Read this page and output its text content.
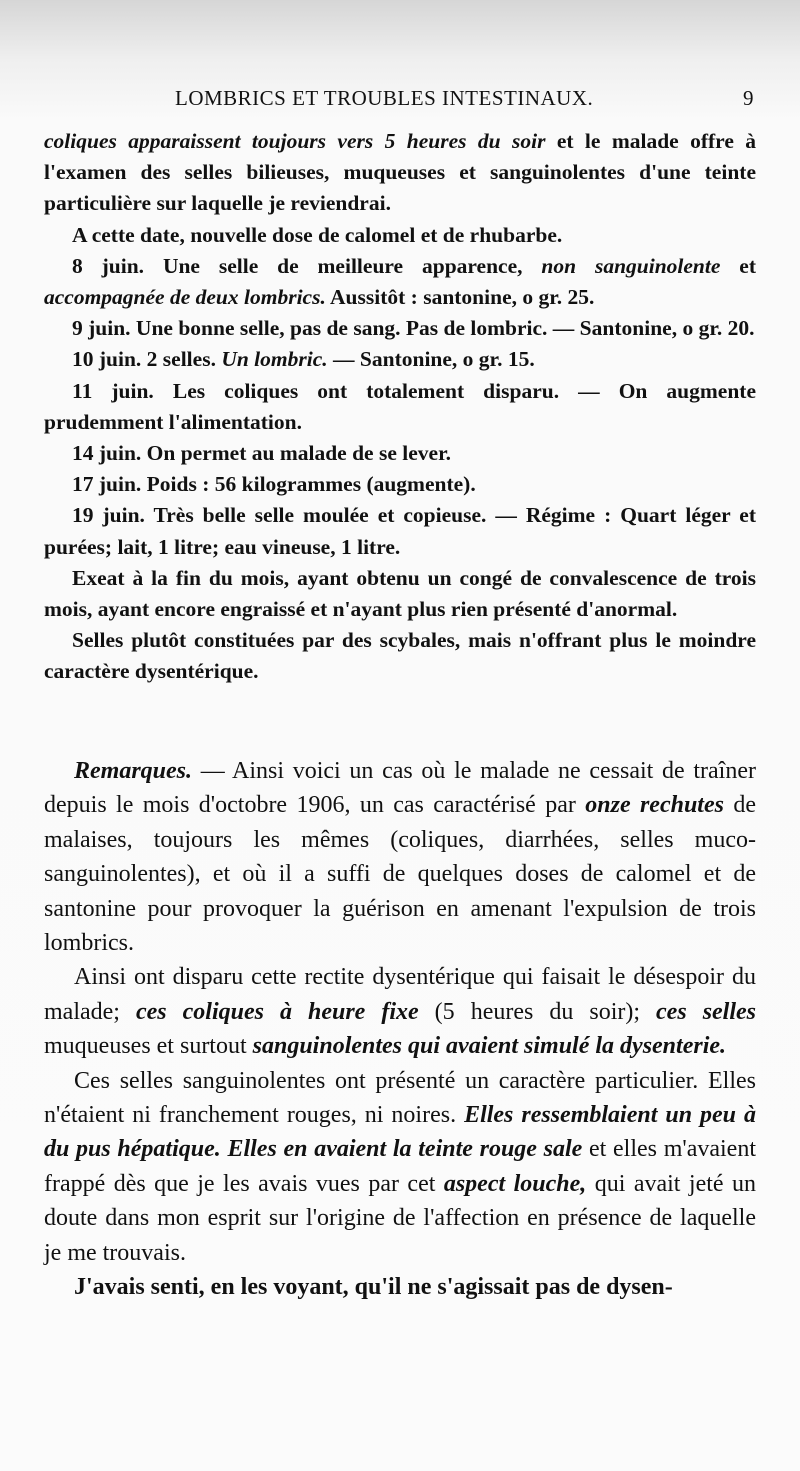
LOMBRICS ET TROUBLES INTESTINAUX.	9

coliques apparaissent toujours vers 5 heures du soir et le malade offre à l'examen des selles bilieuses, muqueuses et sanguinolentes d'une teinte particulière sur laquelle je reviendrai.

A cette date, nouvelle dose de calomel et de rhubarbe.

8 juin. Une selle de meilleure apparence, non sanguinolente et accompagnée de deux lombrics. Aussitôt : santonine, o gr. 25.

9 juin. Une bonne selle, pas de sang. Pas de lombric. — Santonine, o gr. 20.

10 juin. 2 selles. Un lombric. — Santonine, o gr. 15.

11 juin. Les coliques ont totalement disparu. — On augmente prudemment l'alimentation.

14 juin. On permet au malade de se lever.

17 juin. Poids : 56 kilogrammes (augmente).

19 juin. Très belle selle moulée et copieuse. — Régime : Quart léger et purées; lait, 1 litre; eau vineuse, 1 litre.

Exeat à la fin du mois, ayant obtenu un congé de convalescence de trois mois, ayant encore engraissé et n'ayant plus rien présenté d'anormal.

Selles plutôt constituées par des scybales, mais n'offrant plus le moindre caractère dysentérique.

Remarques. — Ainsi voici un cas où le malade ne cessait de traîner depuis le mois d'octobre 1906, un cas caractérisé par onze rechutes de malaises, toujours les mêmes (coliques, diarrhées, selles muco-sanguinolentes), et où il a suffi de quelques doses de calomel et de santonine pour provoquer la guérison en amenant l'expulsion de trois lombrics.

Ainsi ont disparu cette rectite dysentérique qui faisait le désespoir du malade; ces coliques à heure fixe (5 heures du soir); ces selles muqueuses et surtout sanguinolentes qui avaient simulé la dysenterie.

Ces selles sanguinolentes ont présenté un caractère particulier. Elles n'étaient ni franchement rouges, ni noires. Elles ressemblaient un peu à du pus hépatique. Elles en avaient la teinte rouge sale et elles m'avaient frappé dès que je les avais vues par cet aspect louche, qui avait jeté un doute dans mon esprit sur l'origine de l'affection en présence de laquelle je me trouvais.

J'avais senti, en les voyant, qu'il ne s'agissait pas de dysen-
